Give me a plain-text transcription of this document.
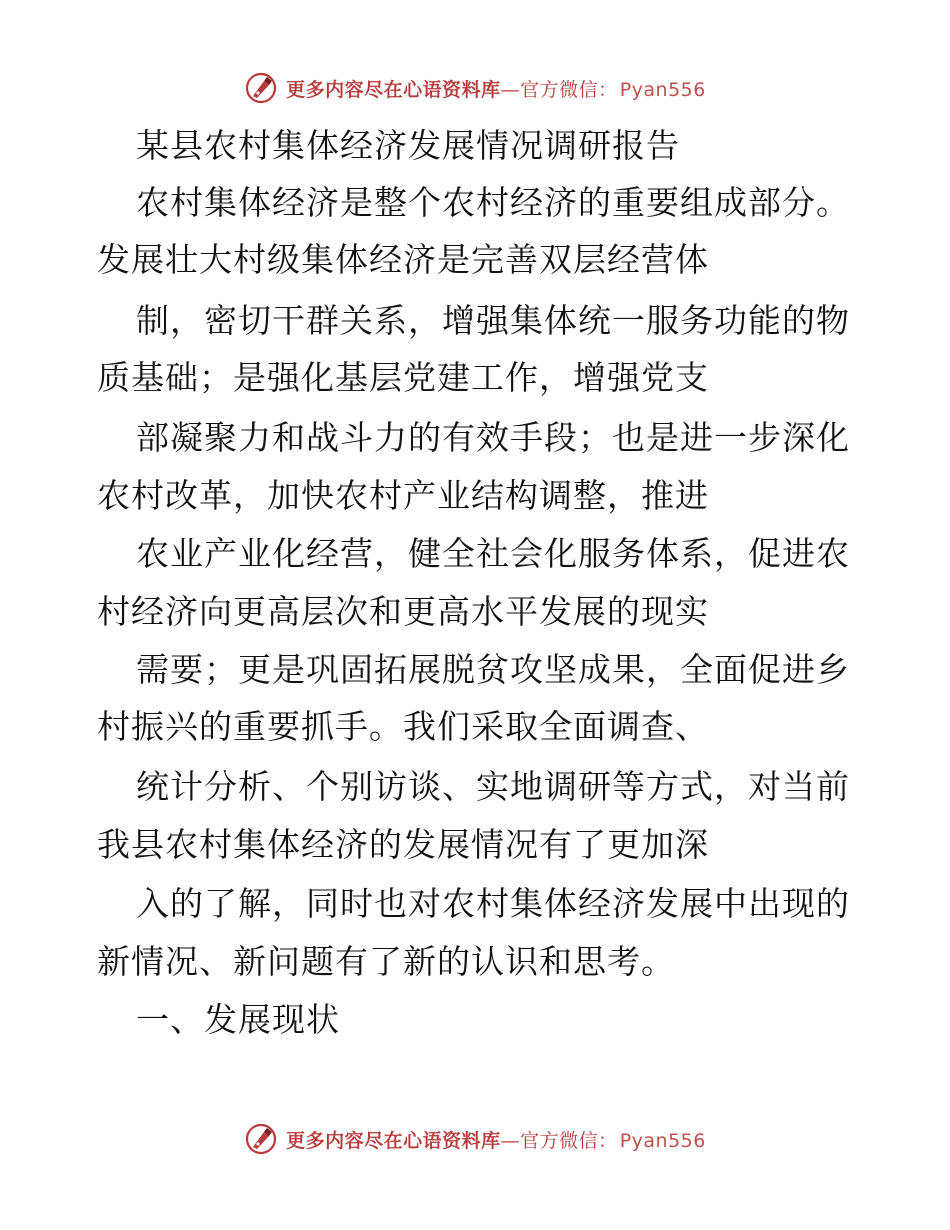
更多内容尽在心语资料库—官方微信： Pyan556
某县农村集体经济发展情况调研报告
农村集体经济是整个农村经济的重要组成部分。
发展壮大村级集体经济是完善双层经营体
制，密切干群关系，增强集体统一服务功能的物
质基础；是强化基层党建工作，增强党支
部凝聚力和战斗力的有效手段；也是进一步深化
农村改革，加快农村产业结构调整，推进
农业产业化经营，健全社会化服务体系，促进农
村经济向更高层次和更高水平发展的现实
需要；更是巩固拓展脱贫攻坚成果，全面促进乡
村振兴的重要抓手。我们采取全面调查、
统计分析、个别访谈、实地调研等方式，对当前
我县农村集体经济的发展情况有了更加深
入的了解，同时也对农村集体经济发展中出现的
新情况、新问题有了新的认识和思考。
一、发展现状
更多内容尽在心语资料库—官方微信： Pyan556
